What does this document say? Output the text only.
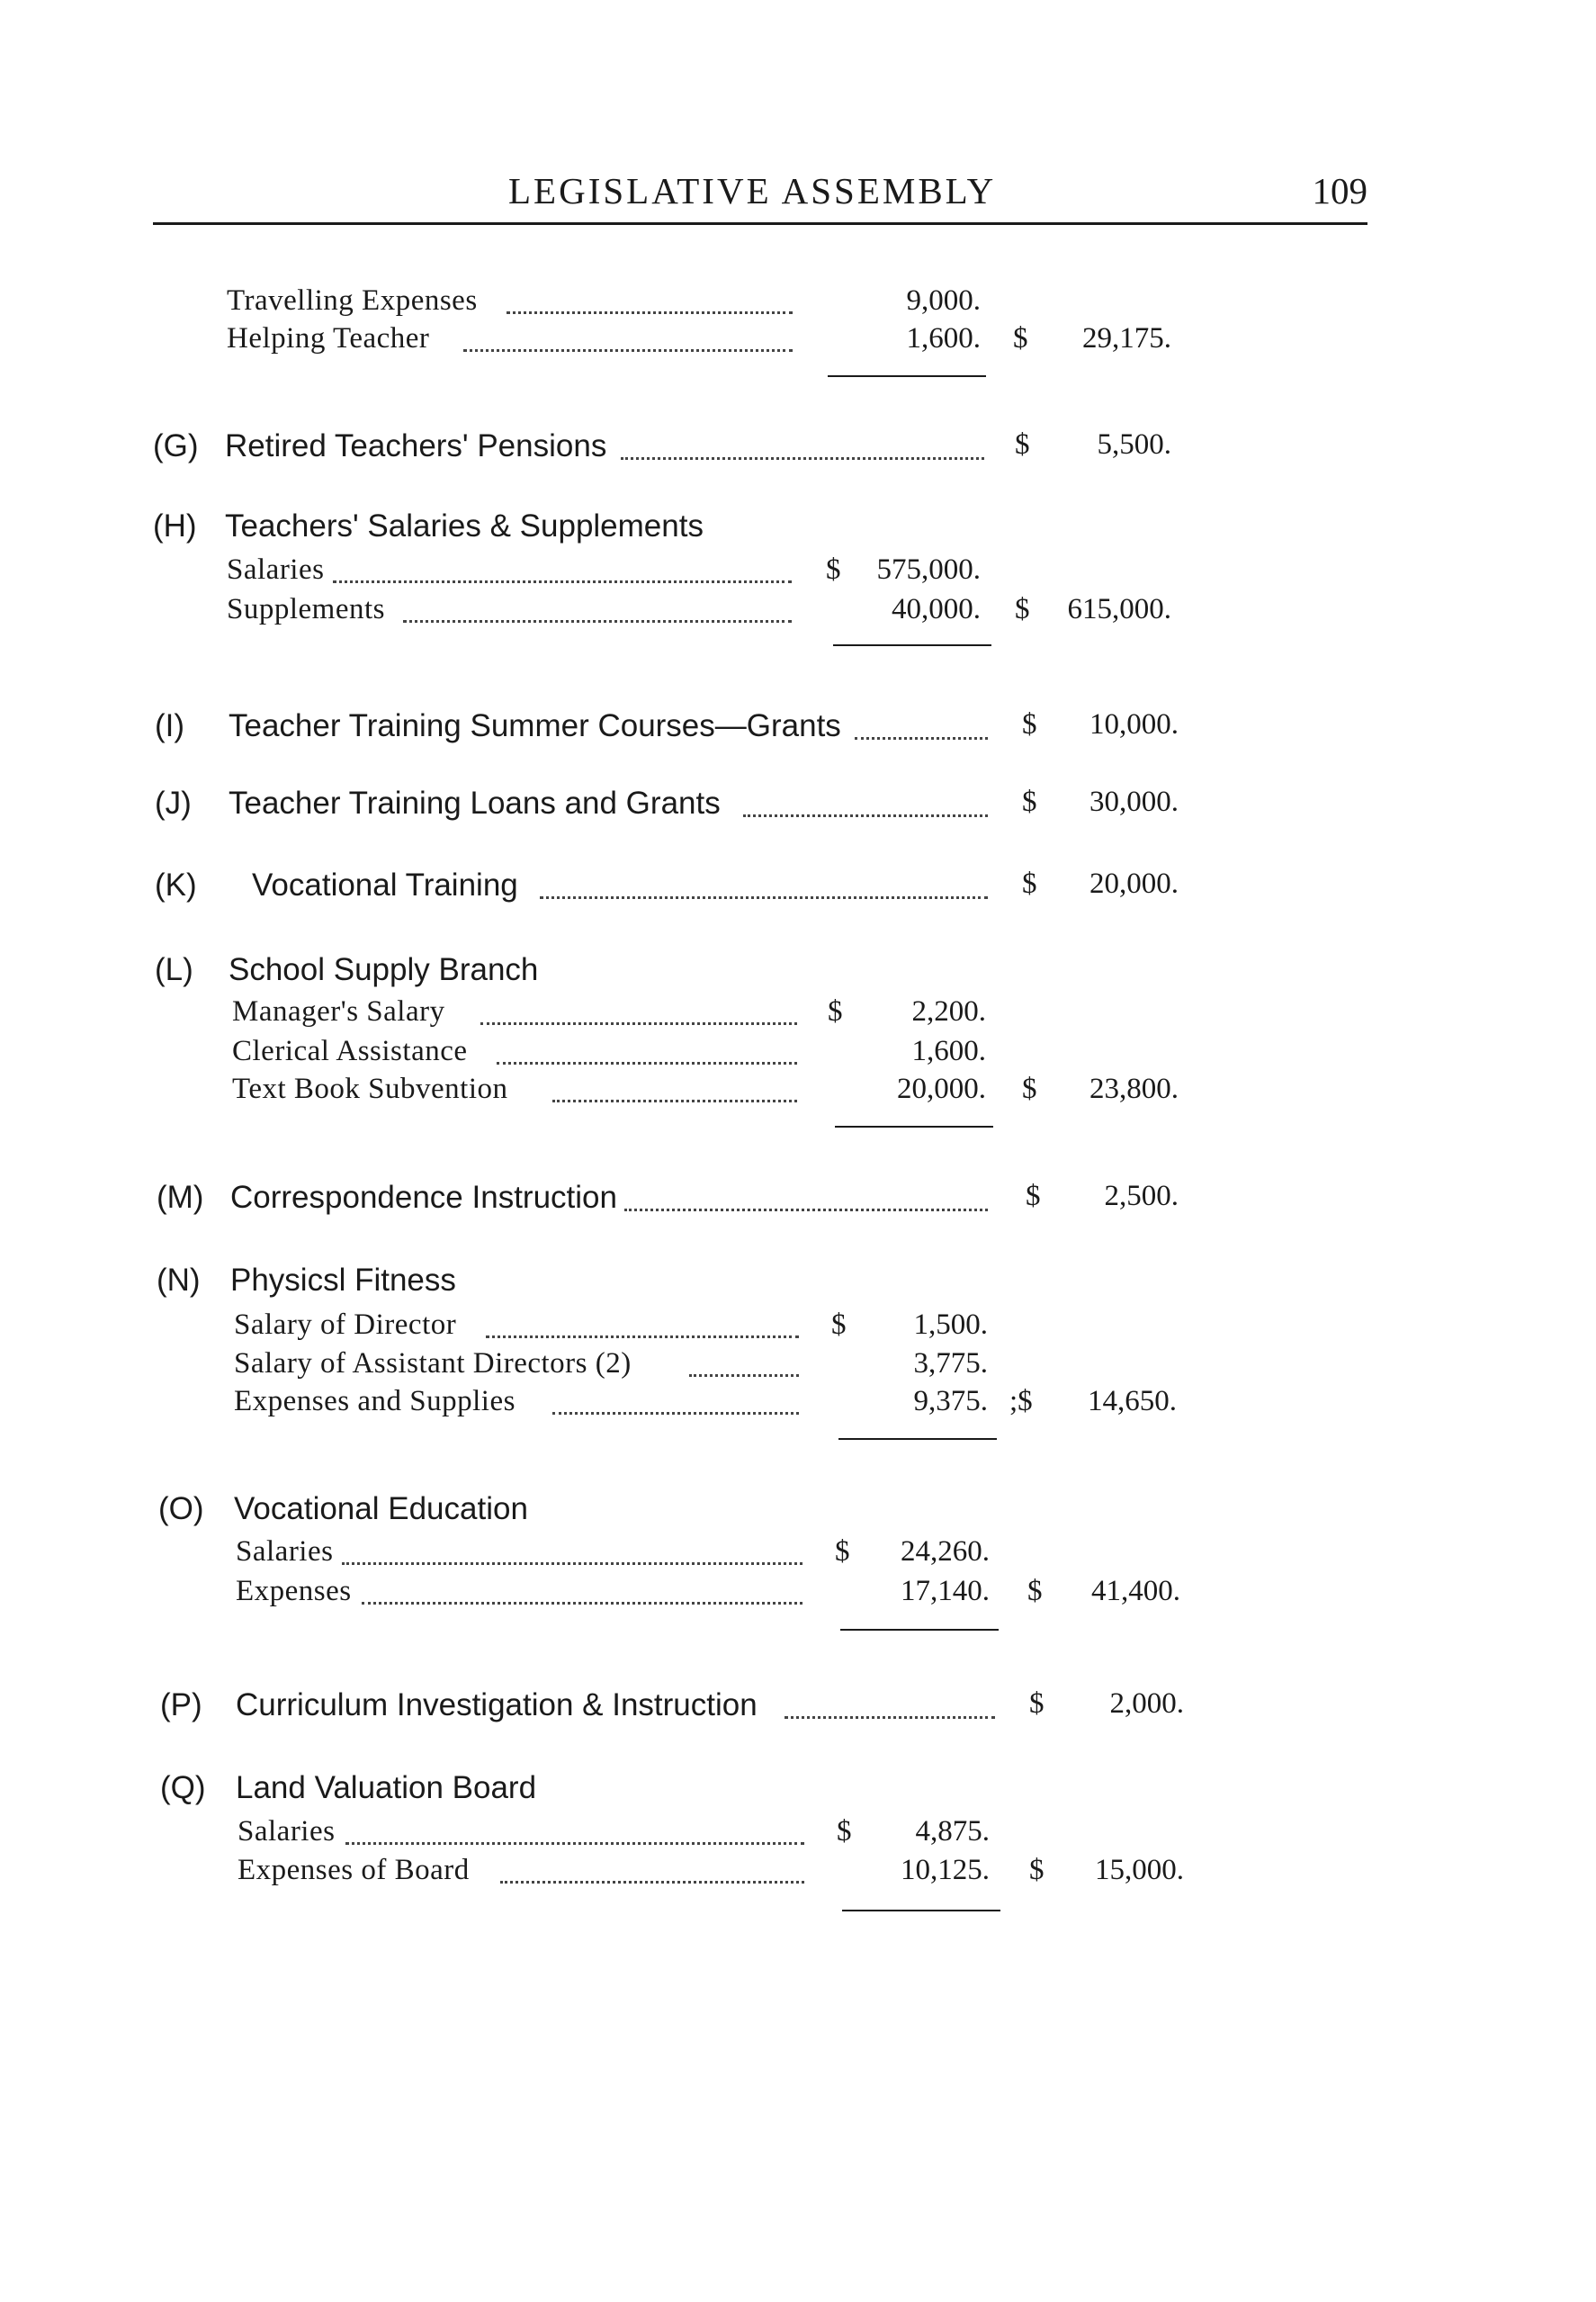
LEGISLATIVE ASSEMBLY	109
Travelling Expenses	9,000.
Helping Teacher	1,600. $	29,175.
(G) Retired Teachers' Pensions	$	5,500.
(H) Teachers' Salaries & Supplements
Salaries	$	575,000.
Supplements	40,000. $	615,000.
(I) Teacher Training Summer Courses—Grants	$	10,000.
(J) Teacher Training Loans and Grants	$	30,000.
(K) Vocational Training	$	20,000.
(L) School Supply Branch
Manager's Salary	$	2,200.
Clerical Assistance	1,600.
Text Book Subvention	20,000. $	23,800.
(M) Correspondence Instruction	$	2,500.
(N) Physicsl Fitness
Salary of Director	$	1,500.
Salary of Assistant Directors (2)	3,775.
Expenses and Supplies	9,375. ;$	14,650.
(O) Vocational Education
Salaries	$	24,260.
Expenses	17,140. $	41,400.
(P) Curriculum Investigation & Instruction	$	2,000.
(Q) Land Valuation Board
Salaries	$	4,875.
Expenses of Board	10,125. $	15,000.
